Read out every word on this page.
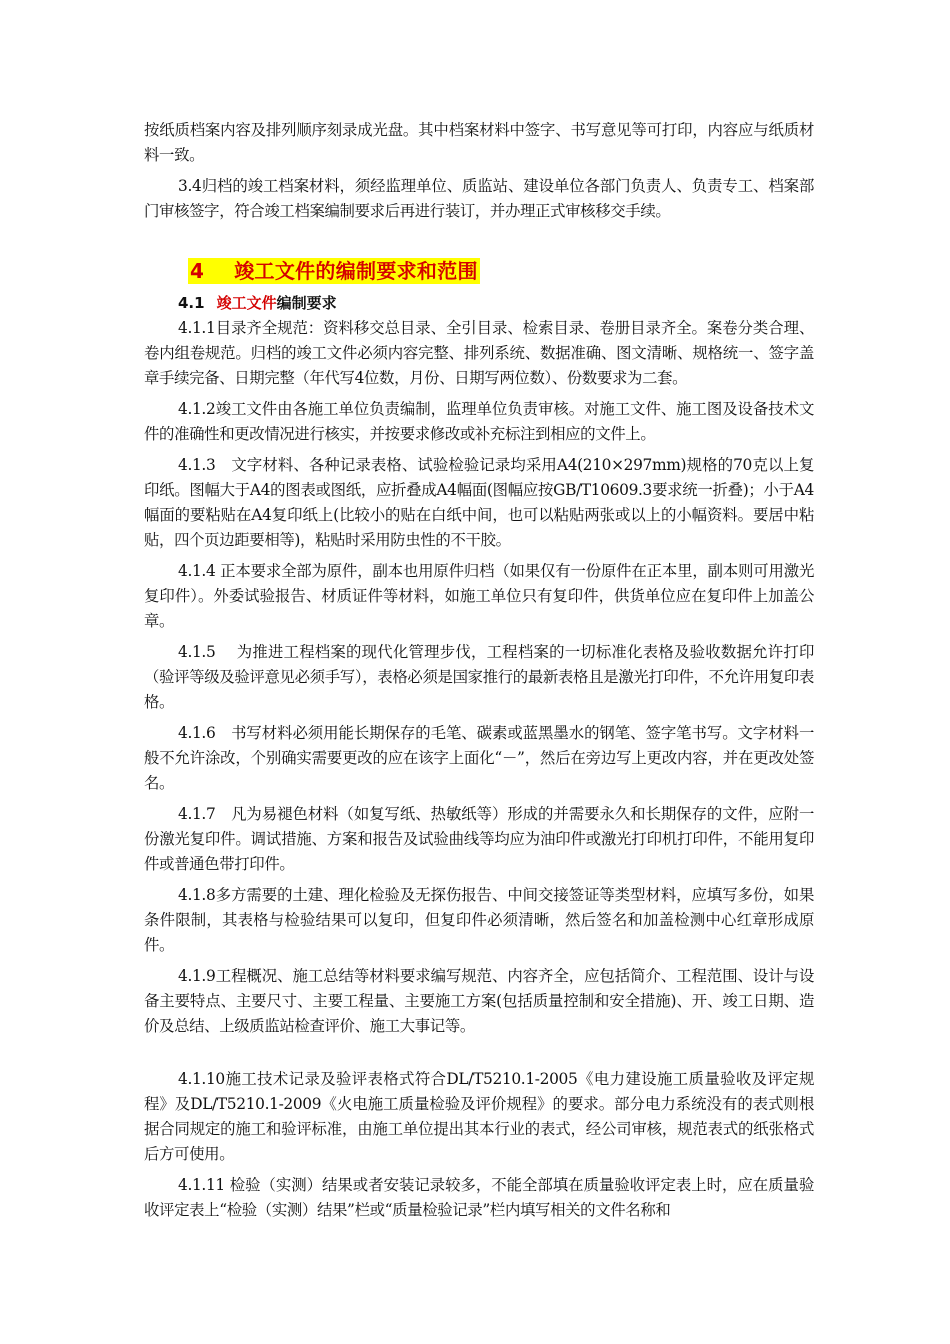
按纸质档案内容及排列顺序刻录成光盘。其中档案材料中签字、书写意见等可打印，内容应与纸质材料一致。

3.4归档的竣工档案材料，须经监理单位、质监站、建设单位各部门负责人、负责专工、档案部门审核签字，符合竣工档案编制要求后再进行装订，并办理正式审核移交手续。

4 竣工文件的编制要求和范围
4.1 竣工文件编制要求

4.1.1目录齐全规范：资料移交总目录、全引目录、检索目录、卷册目录齐全。案卷分类合理、卷内组卷规范。归档的竣工文件必须内容完整、排列系统、数据准确、图文清晰、规格统一、签字盖章手续完备、日期完整（年代写4位数，月份、日期写两位数）、份数要求为二套。

4.1.2竣工文件由各施工单位负责编制，监理单位负责审核。对施工文件、施工图及设备技术文件的准确性和更改情况进行核实，并按要求修改或补充标注到相应的文件上。

4.1.3　文字材料、各种记录表格、试验检验记录均采用A4(210×297mm)规格的70克以上复印纸。图幅大于A4的图表或图纸，应折叠成A4幅面(图幅应按GB/T10609.3要求统一折叠)；小于A4幅面的要粘贴在A4复印纸上(比较小的贴在白纸中间，也可以粘贴两张或以上的小幅资料。要居中粘贴，四个页边距要相等)，粘贴时采用防虫性的不干胶。

4.1.4 正本要求全部为原件，副本也用原件归档（如果仅有一份原件在正本里，副本则可用激光复印件）。外委试验报告、材质证件等材料，如施工单位只有复印件，供货单位应在复印件上加盖公章。

4.1.5　 为推进工程档案的现代化管理步伐，工程档案的一切标准化表格及验收数据允许打印（验评等级及验评意见必须手写），表格必须是国家推行的最新表格且是激光打印件，不允许用复印表格。

4.1.6　书写材料必须用能长期保存的毛笔、碳素或蓝黑墨水的钢笔、签字笔书写。文字材料一般不允许涂改，个别确实需要更改的应在该字上面化“－”，然后在旁边写上更改内容，并在更改处签名。

4.1.7　凡为易褪色材料（如复写纸、热敏纸等）形成的并需要永久和长期保存的文件，应附一份激光复印件。调试措施、方案和报告及试验曲线等均应为油印件或激光打印机打印件，不能用复印件或普通色带打印件。

4.1.8多方需要的土建、理化检验及无探伤报告、中间交接签证等类型材料，应填写多份，如果条件限制，其表格与检验结果可以复印，但复印件必须清晰，然后签名和加盖检测中心红章形成原件。

4.1.9工程概况、施工总结等材料要求编写规范、内容齐全，应包括简介、工程范围、设计与设备主要特点、主要尺寸、主要工程量、主要施工方案(包括质量控制和安全措施)、开、竣工日期、造价及总结、上级质监站检查评价、施工大事记等。

4.1.10施工技术记录及验评表格式符合DL/T5210.1-2005《电力建设施工质量验收及评定规程》及DL/T5210.1-2009《火电施工质量检验及评价规程》的要求。部分电力系统没有的表式则根据合同规定的施工和验评标准，由施工单位提出其本行业的表式，经公司审核，规范表式的纸张格式后方可使用。

4.1.11 检验（实测）结果或者安装记录较多，不能全部填在质量验收评定表上时，应在质量验收评定表上“检验（实测）结果”栏或“质量检验记录”栏内填写相关的文件名称和
